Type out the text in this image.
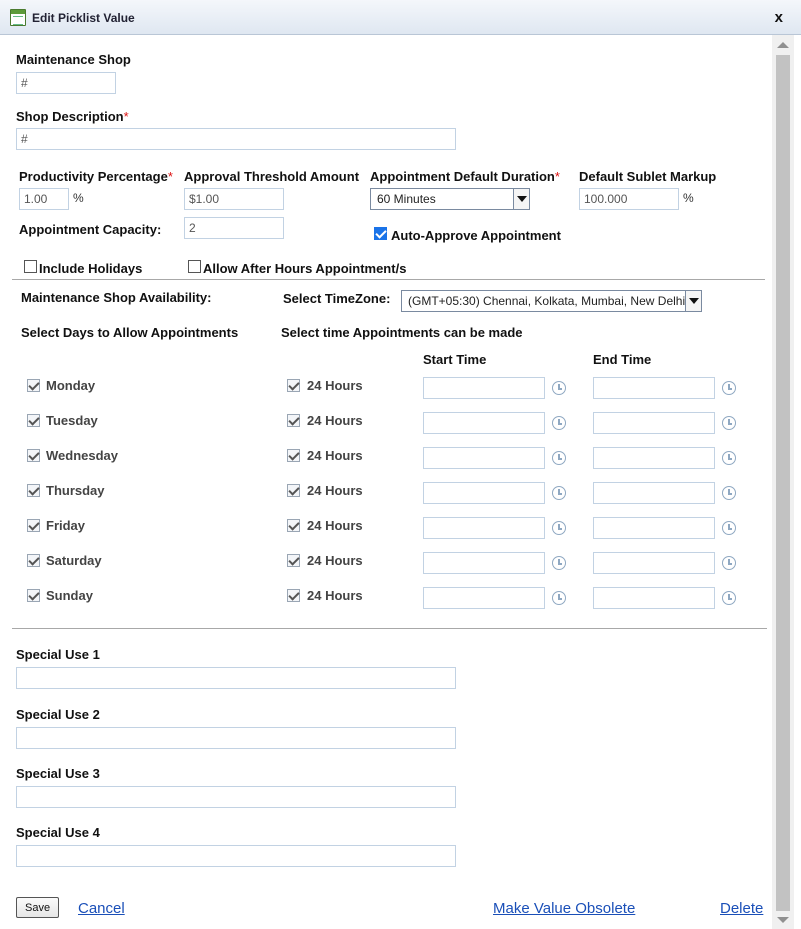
Edit Picklist Value	x
Maintenance Shop
#
Shop Description*
#
Productivity Percentage*
1.00	%
Approval Threshold Amount
$1.00
Appointment Default Duration*
60 Minutes
Default Sublet Markup
100.000	%
Appointment Capacity:	2	Auto-Approve Appointment
Include Holidays	Allow After Hours Appointment/s
Maintenance Shop Availability:	Select TimeZone:	(GMT+05:30) Chennai, Kolkata, Mumbai, New Delhi
Select Days to Allow Appointments	Select time Appointments can be made
Start Time	End Time
Monday	24 Hours
Tuesday	24 Hours
Wednesday	24 Hours
Thursday	24 Hours
Friday	24 Hours
Saturday	24 Hours
Sunday	24 Hours
Special Use 1
Special Use 2
Special Use 3
Special Use 4
Save	Cancel	Make Value Obsolete	Delete
